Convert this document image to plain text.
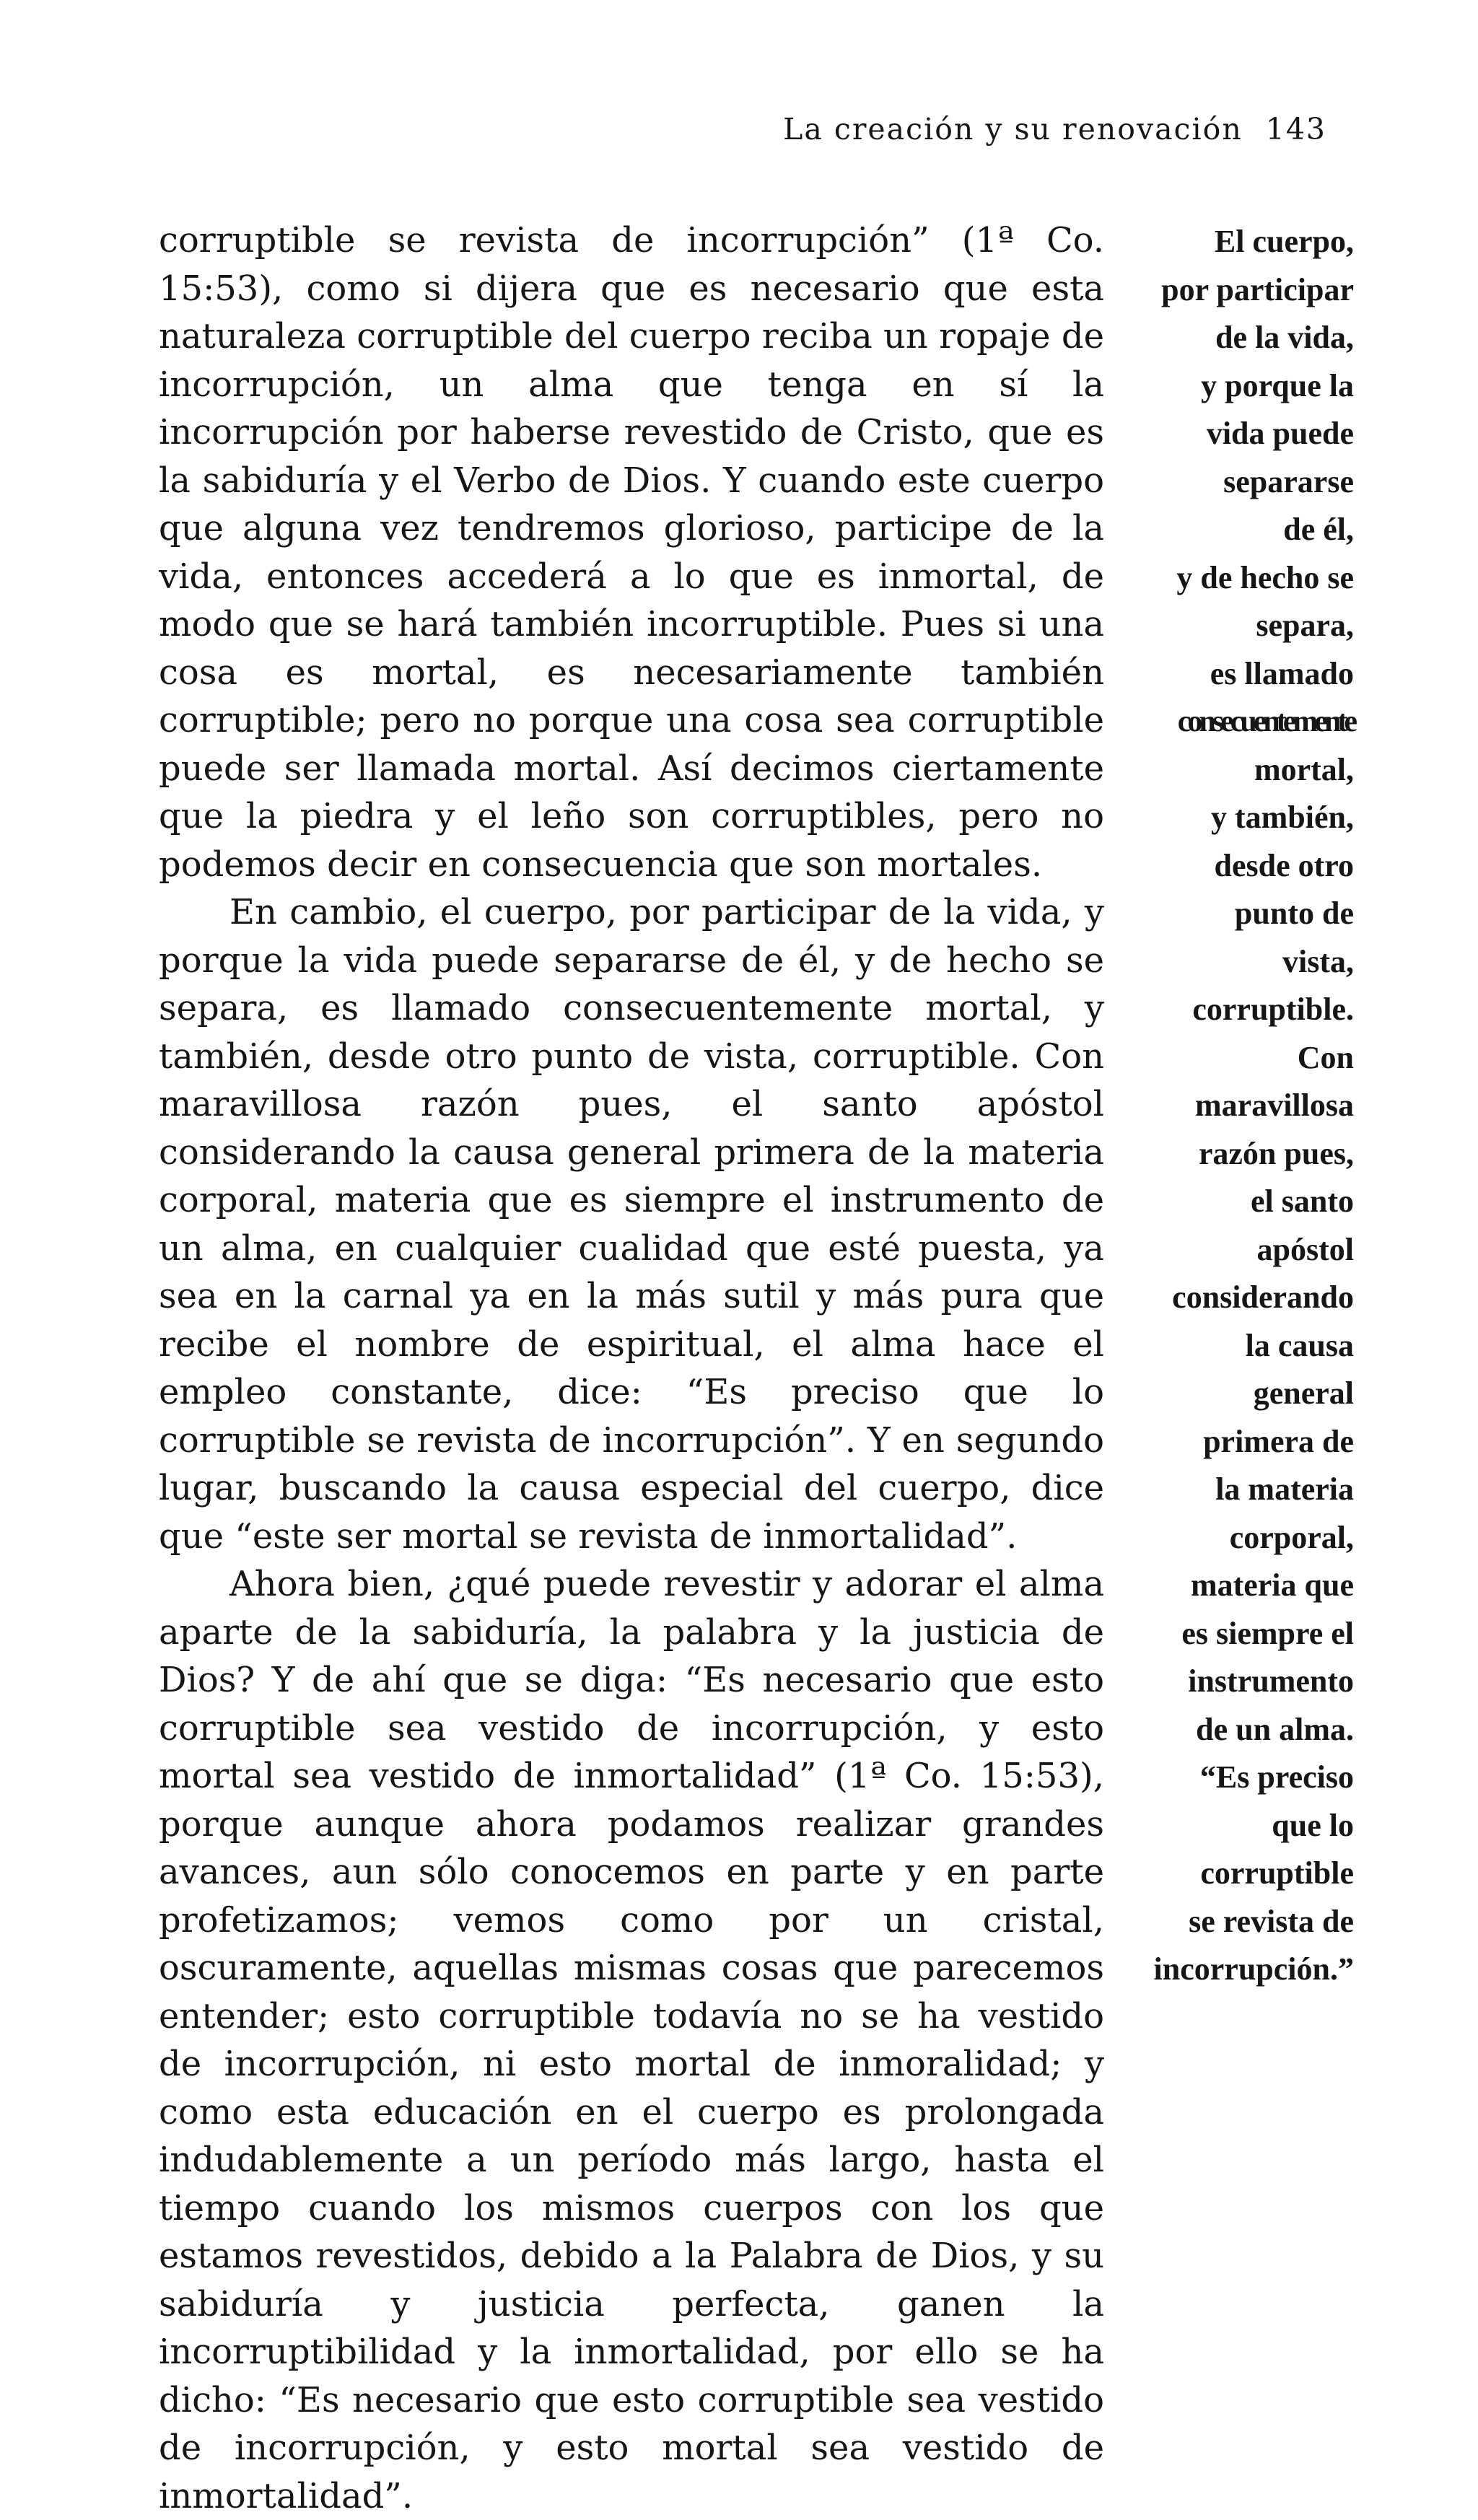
La creación y su renovación 143

corruptible se revista de incorrupción” (1ª Co. 15:53), como si dijera que es necesario que esta naturaleza corruptible del cuerpo reciba un ropaje de incorrupción, un alma que tenga en sí la incorrupción por haberse revestido de Cristo, que es la sabiduría y el Verbo de Dios. Y cuando este cuerpo que alguna vez tendremos glorioso, participe de la vida, entonces accederá a lo que es inmortal, de modo que se hará también incorruptible. Pues si una cosa es mortal, es necesariamente también corruptible; pero no porque una cosa sea corruptible puede ser llamada mortal. Así decimos ciertamente que la piedra y el leño son corruptibles, pero no podemos decir en consecuencia que son mortales.

En cambio, el cuerpo, por participar de la vida, y porque la vida puede separarse de él, y de hecho se separa, es llamado consecuentemente mortal, y también, desde otro punto de vista, corruptible. Con maravillosa razón pues, el santo apóstol considerando la causa general primera de la materia corporal, materia que es siempre el instrumento de un alma, en cualquier cualidad que esté puesta, ya sea en la carnal ya en la más sutil y más pura que recibe el nombre de espiritual, el alma hace el empleo constante, dice: “Es preciso que lo corruptible se revista de incorrupción”. Y en segundo lugar, buscando la causa especial del cuerpo, dice que “este ser mortal se revista de inmortalidad”.

Ahora bien, ¿qué puede revestir y adorar el alma aparte de la sabiduría, la palabra y la justicia de Dios? Y de ahí que se diga: “Es necesario que esto corruptible sea vestido de incorrupción, y esto mortal sea vestido de inmortalidad” (1ª Co. 15:53), porque aunque ahora podamos realizar grandes avances, aun sólo conocemos en parte y en parte profetizamos; vemos como por un cristal, oscuramente, aquellas mismas cosas que parecemos entender; esto corruptible todavía no se ha vestido de incorrupción, ni esto mortal de inmoralidad; y como esta educación en el cuerpo es prolongada indudablemente a un período más largo, hasta el tiempo cuando los mismos cuerpos con los que estamos revestidos, debido a la Palabra de Dios, y su sabiduría y justicia perfecta, ganen la incorruptibilidad y la inmortalidad, por ello se ha dicho: “Es necesario que esto corruptible sea vestido de incorrupción, y esto mortal sea vestido de inmortalidad”.

El cuerpo,
por participar
de la vida,
y porque la
vida puede
separarse
de él,
y de hecho se
separa,
es llamado
consecuentemente
mortal,
y también,
desde otro
punto de
vista,
corruptible.
Con
maravillosa
razón pues,
el santo
apóstol
considerando
la causa
general
primera de
la materia
corporal,
materia que
es siempre el
instrumento
de un alma.
“Es preciso
que lo
corruptible
se revista de
incorrupción.”
